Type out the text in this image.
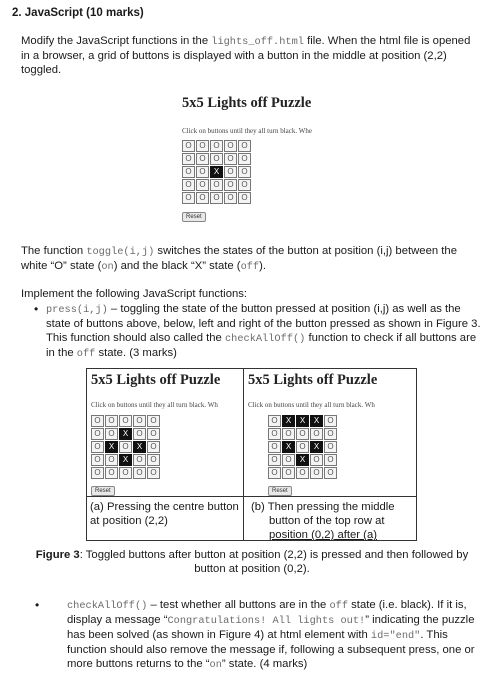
2. JavaScript (10 marks)
Modify the JavaScript functions in the lights_off.html file. When the html file is opened in a browser, a grid of buttons is displayed with a button in the middle at position (2,2) toggled.
5x5 Lights off Puzzle
Click on buttons until they all turn black. Whe
O O O O O
O O O O O
O O	X	O O
O O O O O
O O O O O
Reset
The function toggle(i,j) switches the states of the button at position (i,j) between the white “O” state (on) and the black “X” state (off).
Implement the following JavaScript functions:
• press(i,j) – toggling the state of the button pressed at position (i,j) as well as the state of buttons above, below, left and right of the button pressed as shown in Figure 3. This function should also called the checkAllOff() function to check if all buttons are in the off state. (3 marks)
5x5 Lights off Puzzle
Click on buttons until they all turn black. Wh
O O O O O
O O	X	O O
O	X	O	X	O
O O	X	O O
O O O O O
Reset
(a) Pressing the centre button at position (2,2)
5x5 Lights off Puzzle
Click on buttons until they all turn black. Wh
O	X	X	X	O
O O O O O
O	X	O	X	O
O O	X	O O
O O O O O
Reset
(b) Then pressing the middle
button of the top row at
position (0,2) after (a)
Figure 3: Toggled buttons after button at position (2,2) is pressed and then followed by button at position (0,2).
•	checkAllOff() – test whether all buttons are in the off state (i.e. black). If it is, display a message “Congratulations! All lights out!” indicating the puzzle has been solved (as shown in Figure 4) at html element with id="end". This function should also remove the message if, following a subsequent press, one or more buttons returns to the “on” state. (4 marks)
